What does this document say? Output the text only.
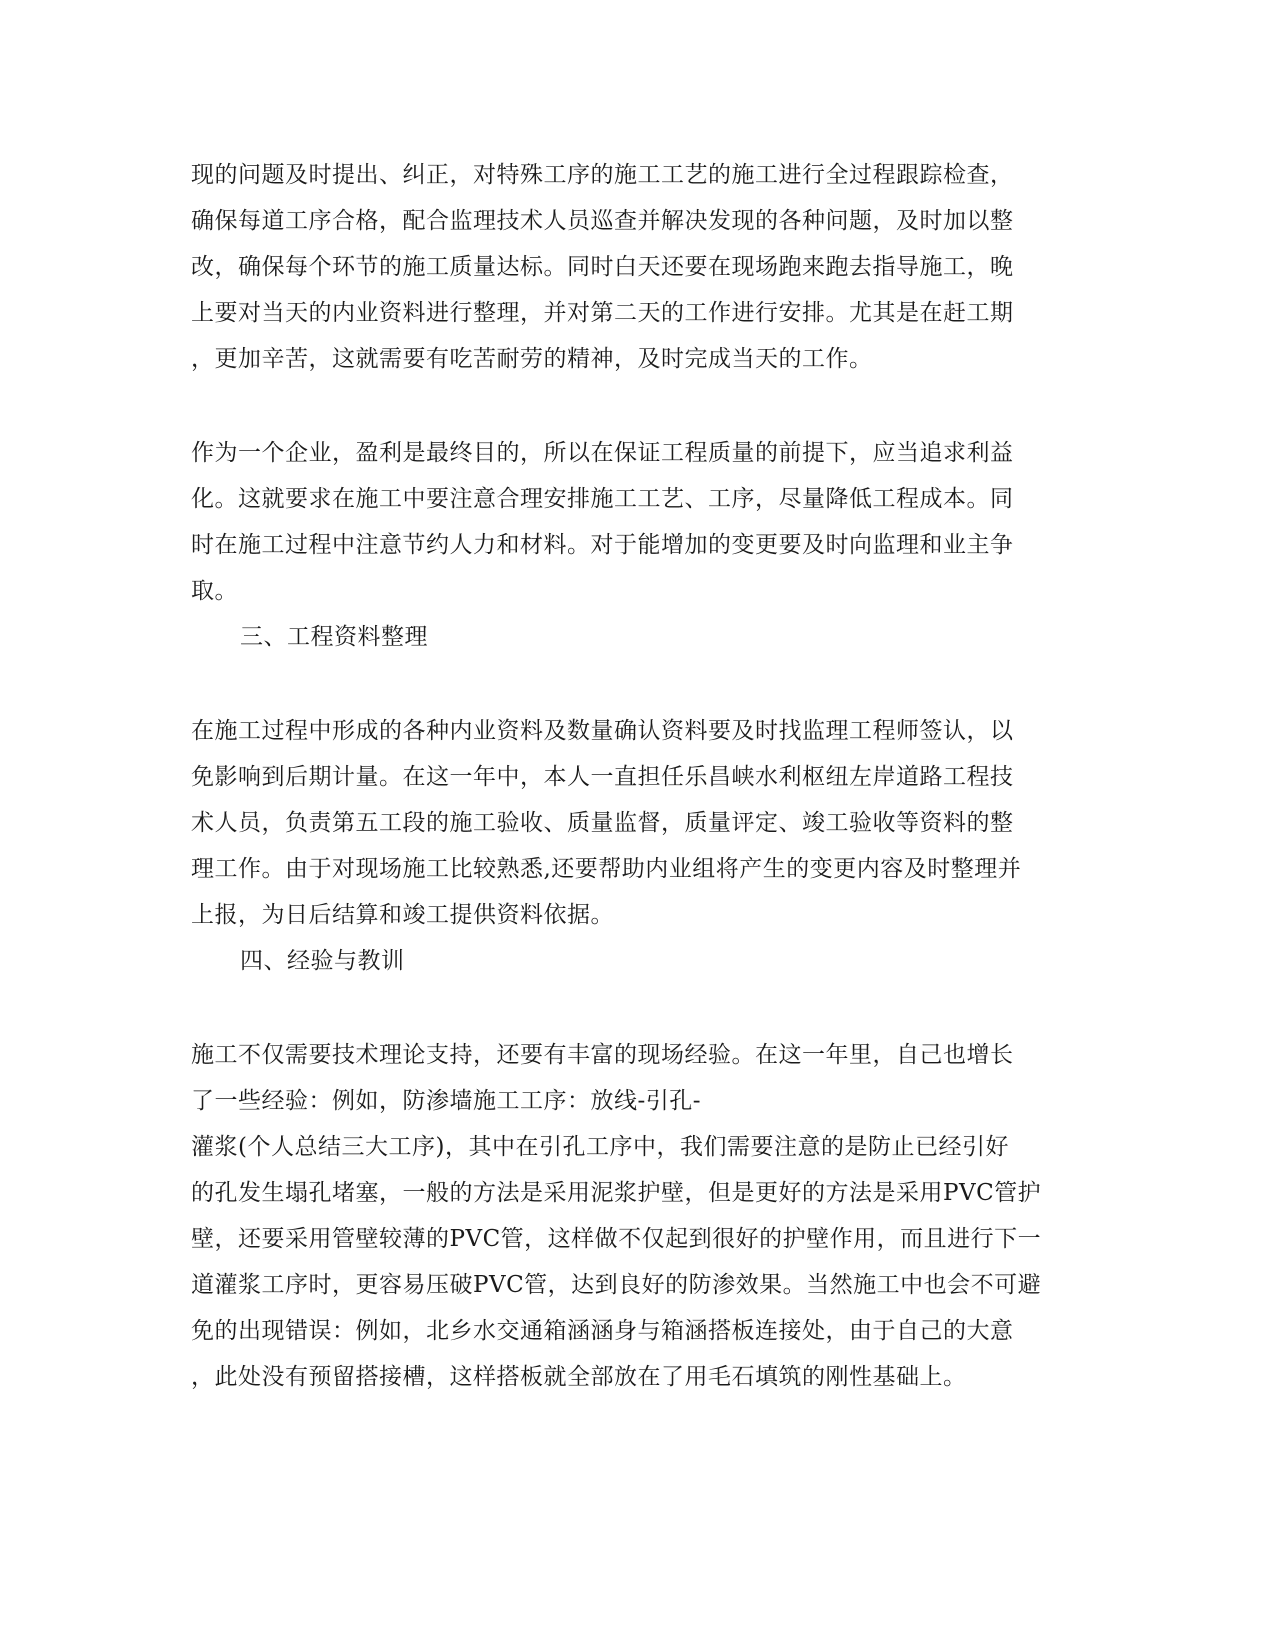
现的问题及时提出、纠正，对特殊工序的施工工艺的施工进行全过程跟踪检查，
确保每道工序合格，配合监理技术人员巡查并解决发现的各种问题，及时加以整
改，确保每个环节的施工质量达标。同时白天还要在现场跑来跑去指导施工，晚
上要对当天的内业资料进行整理，并对第二天的工作进行安排。尤其是在赶工期
，更加辛苦，这就需要有吃苦耐劳的精神，及时完成当天的工作。
作为一个企业，盈利是最终目的，所以在保证工程质量的前提下，应当追求利益
化。这就要求在施工中要注意合理安排施工工艺、工序，尽量降低工程成本。同
时在施工过程中注意节约人力和材料。对于能增加的变更要及时向监理和业主争
取。
三、工程资料整理
在施工过程中形成的各种内业资料及数量确认资料要及时找监理工程师签认，以
免影响到后期计量。在这一年中，本人一直担任乐昌峡水利枢纽左岸道路工程技
术人员，负责第五工段的施工验收、质量监督，质量评定、竣工验收等资料的整
理工作。由于对现场施工比较熟悉,还要帮助内业组将产生的变更内容及时整理并
上报，为日后结算和竣工提供资料依据。
四、经验与教训
施工不仅需要技术理论支持，还要有丰富的现场经验。在这一年里，自己也增长
了一些经验：例如，防渗墙施工工序：放线-引孔-
灌浆(个人总结三大工序)，其中在引孔工序中，我们需要注意的是防止已经引好
的孔发生塌孔堵塞，一般的方法是采用泥浆护壁，但是更好的方法是采用PVC管护
壁，还要采用管壁较薄的PVC管，这样做不仅起到很好的护壁作用，而且进行下一
道灌浆工序时，更容易压破PVC管，达到良好的防渗效果。当然施工中也会不可避
免的出现错误：例如，北乡水交通箱涵涵身与箱涵搭板连接处，由于自己的大意
，此处没有预留搭接槽，这样搭板就全部放在了用毛石填筑的刚性基础上。
